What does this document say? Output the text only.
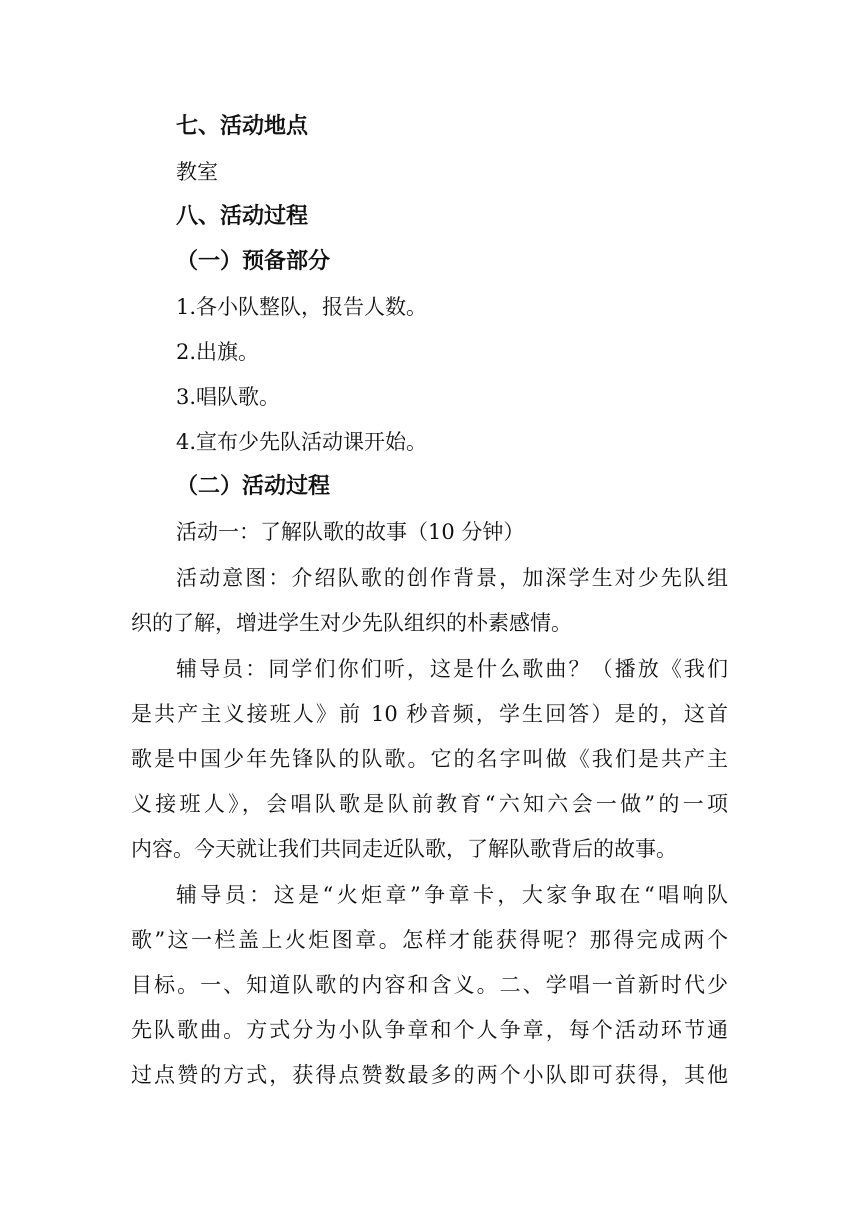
七、活动地点

教室

八、活动过程

（一）预备部分

1.各小队整队，报告人数。

2.出旗。

3.唱队歌。

4.宣布少先队活动课开始。

（二）活动过程

活动一：了解队歌的故事（10 分钟）

活动意图：介绍队歌的创作背景，加深学生对少先队组

织的了解，增进学生对少先队组织的朴素感情。

辅导员：同学们你们听，这是什么歌曲？（播放《我们

是共产主义接班人》前 10 秒音频，学生回答）是的，这首

歌是中国少年先锋队的队歌。它的名字叫做《我们是共产主

义接班人》，会唱队歌是队前教育“六知六会一做”的一项

内容。今天就让我们共同走近队歌，了解队歌背后的故事。

辅导员：这是“火炬章”争章卡，大家争取在“唱响队

歌”这一栏盖上火炬图章。怎样才能获得呢？那得完成两个

目标。一、知道队歌的内容和含义。二、学唱一首新时代少

先队歌曲。方式分为小队争章和个人争章，每个活动环节通

过点赞的方式，获得点赞数最多的两个小队即可获得，其他
